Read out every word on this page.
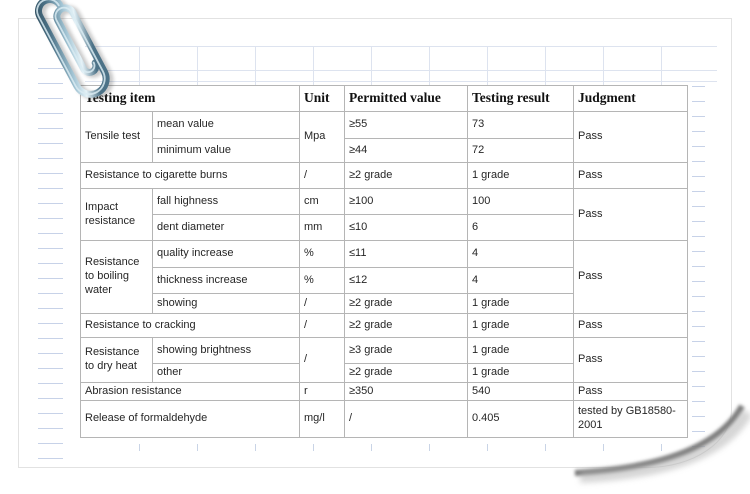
Testing item		Unit	Permitted value	Testing result	Judgment
Tensile test	mean value	Mpa	≥55	73	Pass
	minimum value		≥44	72	
Resistance to cigarette burns		/	≥2 grade	1 grade	Pass
Impact resistance	fall highness	cm	≥100	100	Pass
	dent diameter	mm	≤10	6	
Resistance to boiling water	quality increase	%	≤11	4	Pass
	thickness increase	%	≤12	4	
	showing	/	≥2 grade	1 grade	
Resistance to cracking		/	≥2 grade	1 grade	Pass
Resistance to dry heat	showing brightness	/	≥3 grade	1 grade	Pass
	other		≥2 grade	1 grade	
Abrasion resistance		r	≥350	540	Pass
Release of formaldehyde		mg/l	/	0.405	tested by GB18580-2001
